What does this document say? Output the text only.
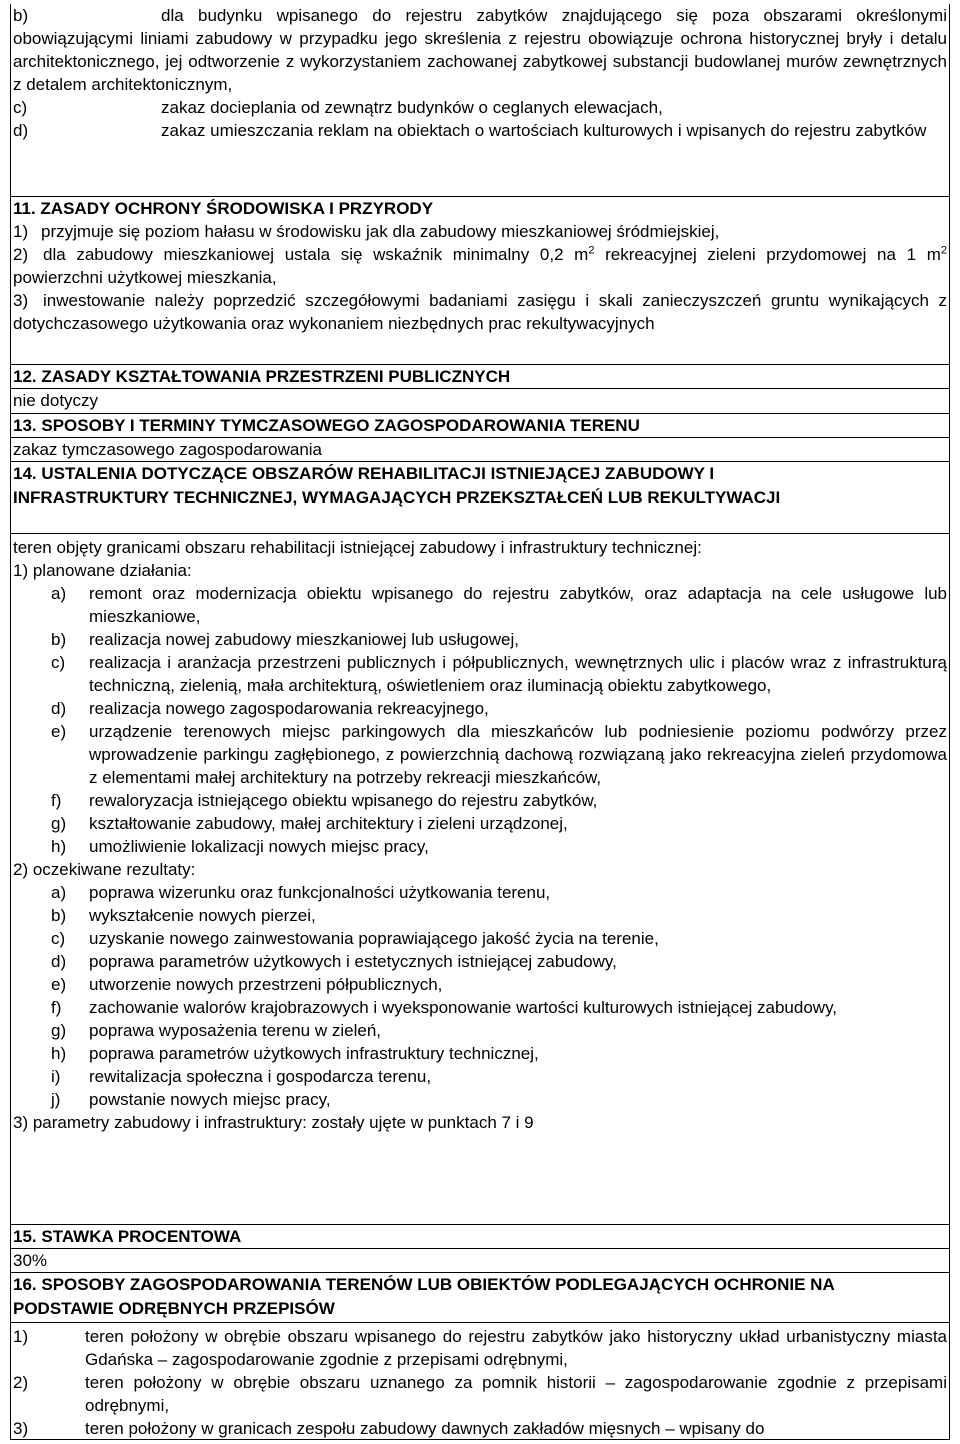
b)	dla budynku wpisanego do rejestru zabytków znajdującego się poza obszarami określonymi obowiązującymi liniami zabudowy w przypadku jego skreślenia z rejestru obowiązuje ochrona historycznej bryły i detalu architektonicznego, jej odtworzenie z wykorzystaniem zachowanej zabytkowej substancji budowlanej murów zewnętrznych z detalem architektonicznym,
c)	zakaz docieplania od zewnątrz budynków o ceglanych elewacjach,
d)	zakaz umieszczania reklam na obiektach o wartościach kulturowych i wpisanych do rejestru zabytków

11. ZASADY OCHRONY ŚRODOWISKA I PRZYRODY

1) przyjmuje się poziom hałasu w środowisku jak dla zabudowy mieszkaniowej śródmiejskiej,
2) dla zabudowy mieszkaniowej ustala się wskaźnik minimalny 0,2 $m^2$ rekreacyjnej zieleni przydomowej na 1 $m^2$ powierzchni użytkowej mieszkania,
3) inwestowanie należy poprzedzić szczegółowymi badaniami zasięgu i skali zanieczyszczeń gruntu wynikających z dotychczasowego użytkowania oraz wykonaniem niezbędnych prac rekultywacyjnych

12. ZASADY KSZTAŁTOWANIA PRZESTRZENI PUBLICZNYCH

nie dotyczy

13. SPOSOBY I TERMINY TYMCZASOWEGO ZAGOSPODAROWANIA TERENU

zakaz tymczasowego zagospodarowania

14. USTALENIA DOTYCZĄCE OBSZARÓW REHABILITACJI ISTNIEJĄCEJ ZABUDOWY I INFRASTRUKTURY TECHNICZNEJ, WYMAGAJĄCYCH PRZEKSZTAŁCEŃ LUB REKULTYWACJI

teren objęty granicami obszaru rehabilitacji istniejącej zabudowy i infrastruktury technicznej:

1) planowane działania:

a) remont oraz modernizacja obiektu wpisanego do rejestru zabytków, oraz adaptacja na cele usługowe lub mieszkaniowe,
b) realizacja nowej zabudowy mieszkaniowej lub usługowej,
c) realizacja i aranżacja przestrzeni publicznych i półpublicznych, wewnętrznych ulic i placów wraz z infrastrukturą techniczną, zielenią, mała architekturą, oświetleniem oraz iluminacją obiektu zabytkowego,
d) realizacja nowego zagospodarowania rekreacyjnego,
e) urządzenie terenowych miejsc parkingowych dla mieszkańców lub podniesienie poziomu podwórzy przez wprowadzenie parkingu zagłębionego, z powierzchnią dachową rozwiązaną jako rekreacyjna zieleń przydomowa z elementami małej architektury na potrzeby rekreacji mieszkańców,
f) rewaloryzacja istniejącego obiektu wpisanego do rejestru zabytków,
g) kształtowanie zabudowy, małej architektury i zieleni urządzonej,
h) umożliwienie lokalizacji nowych miejsc pracy,

2) oczekiwane rezultaty:

a) poprawa wizerunku oraz funkcjonalności użytkowania terenu,
b) wykształcenie nowych pierzei,
c) uzyskanie nowego zainwestowania poprawiającego jakość życia na terenie,
d) poprawa parametrów użytkowych i estetycznych istniejącej zabudowy,
e) utworzenie nowych przestrzeni półpublicznych,
f) zachowanie walorów krajobrazowych i wyeksponowanie wartości kulturowych istniejącej zabudowy,
g) poprawa wyposażenia terenu w zieleń,
h) poprawa parametrów użytkowych infrastruktury technicznej,
i) rewitalizacja społeczna i gospodarcza terenu,
j) powstanie nowych miejsc pracy,

3) parametry zabudowy i infrastruktury: zostały ujęte w punktach 7 i 9

15. STAWKA PROCENTOWA

30%

16. SPOSOBY ZAGOSPODAROWANIA TERENÓW LUB OBIEKTÓW PODLEGAJĄCYCH OCHRONIE NA PODSTAWIE ODRĘBNYCH PRZEPISÓW

1)	teren położony w obrębie obszaru wpisanego do rejestru zabytków jako historyczny układ urbanistyczny miasta Gdańska – zagospodarowanie zgodnie z przepisami odrębnymi,
2)	teren położony w obrębie obszaru uznanego za pomnik historii – zagospodarowanie zgodnie z przepisami odrębnymi,
3)	teren położony w granicach zespołu zabudowy dawnych zakładów mięsnych – wpisany do
